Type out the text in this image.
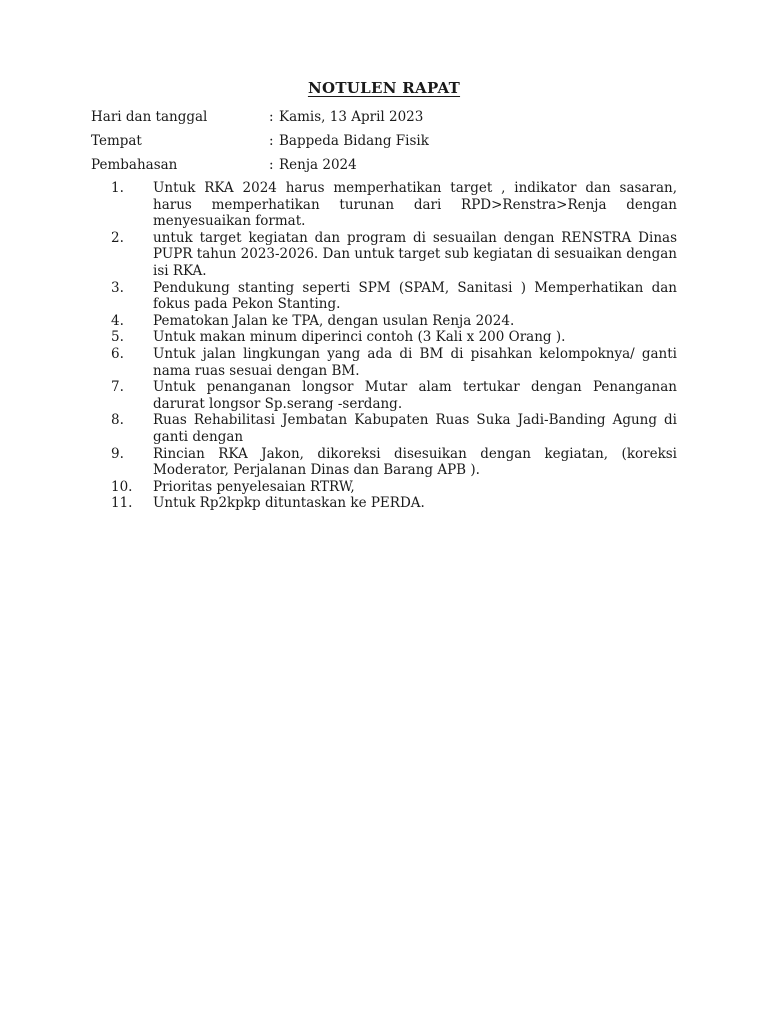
NOTULEN RAPAT
Hari dan tanggal	: Kamis, 13 April 2023
Tempat	: Bappeda Bidang Fisik
Pembahasan	: Renja 2024
1.	Untuk RKA 2024 harus memperhatikan target , indikator dan sasaran, harus memperhatikan turunan dari RPD>Renstra>Renja dengan menyesuaikan format.
2.	untuk target kegiatan dan program di sesuailan dengan RENSTRA Dinas PUPR tahun 2023-2026. Dan untuk target sub kegiatan di sesuaikan dengan isi RKA.
3.	Pendukung stanting seperti SPM (SPAM, Sanitasi ) Memperhatikan dan fokus pada Pekon Stanting.
4.	Pematokan Jalan ke TPA, dengan usulan Renja 2024.
5.	Untuk makan minum diperinci contoh (3 Kali x 200 Orang ).
6.	Untuk jalan lingkungan yang ada di BM di pisahkan kelompoknya/ ganti nama ruas sesuai dengan BM.
7.	Untuk penanganan longsor Mutar alam tertukar dengan Penanganan darurat longsor Sp.serang -serdang.
8.	Ruas Rehabilitasi Jembatan Kabupaten Ruas Suka Jadi-Banding Agung di ganti dengan
9.	Rincian RKA Jakon, dikoreksi disesuikan dengan kegiatan, (koreksi Moderator, Perjalanan Dinas dan Barang APB ).
10.	Prioritas penyelesaian RTRW,
11.	Untuk Rp2kpkp dituntaskan ke PERDA.
